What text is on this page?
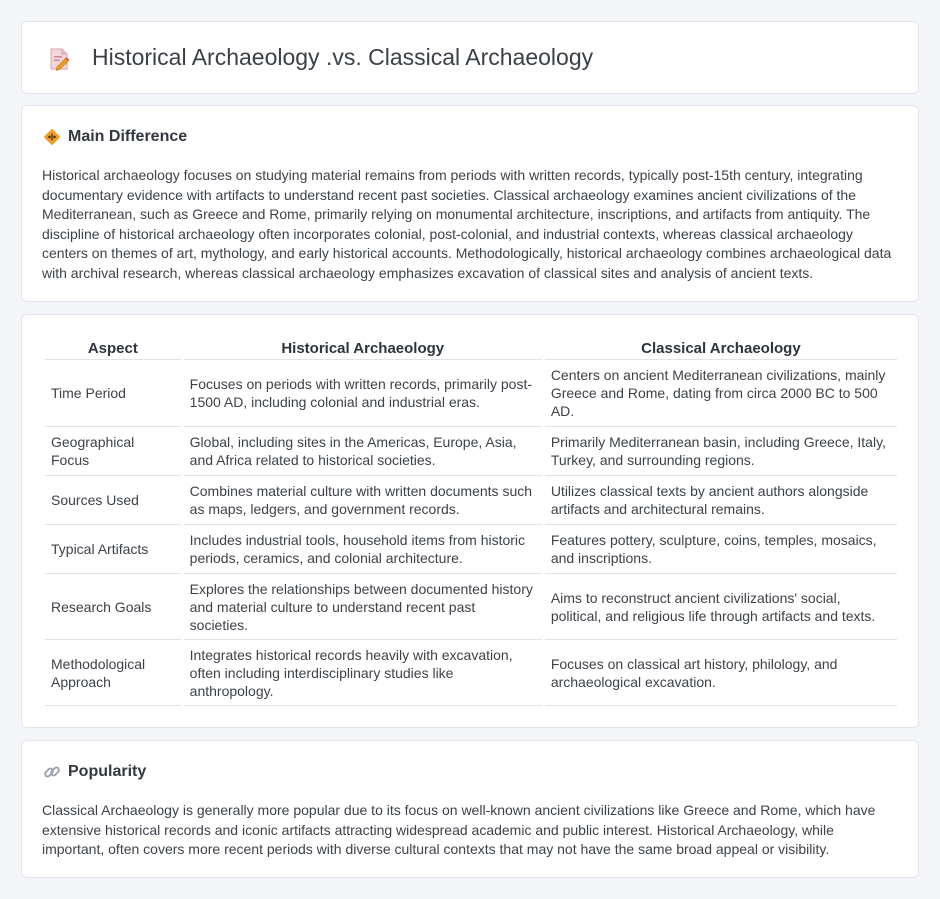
Historical Archaeology .vs. Classical Archaeology
Main Difference

Historical archaeology focuses on studying material remains from periods with written records, typically post-15th century, integrating documentary evidence with artifacts to understand recent past societies. Classical archaeology examines ancient civilizations of the Mediterranean, such as Greece and Rome, primarily relying on monumental architecture, inscriptions, and artifacts from antiquity. The discipline of historical archaeology often incorporates colonial, post-colonial, and industrial contexts, whereas classical archaeology centers on themes of art, mythology, and early historical accounts. Methodologically, historical archaeology combines archaeological data with archival research, whereas classical archaeology emphasizes excavation of classical sites and analysis of ancient texts.

Aspect	Historical Archaeology	Classical Archaeology
Time Period	Focuses on periods with written records, primarily post-1500 AD, including colonial and industrial eras.	Centers on ancient Mediterranean civilizations, mainly Greece and Rome, dating from circa 2000 BC to 500 AD.
Geographical Focus	Global, including sites in the Americas, Europe, Asia, and Africa related to historical societies.	Primarily Mediterranean basin, including Greece, Italy, Turkey, and surrounding regions.
Sources Used	Combines material culture with written documents such as maps, ledgers, and government records.	Utilizes classical texts by ancient authors alongside artifacts and architectural remains.
Typical Artifacts	Includes industrial tools, household items from historic periods, ceramics, and colonial architecture.	Features pottery, sculpture, coins, temples, mosaics, and inscriptions.
Research Goals	Explores the relationships between documented history and material culture to understand recent past societies.	Aims to reconstruct ancient civilizations' social, political, and religious life through artifacts and texts.
Methodological Approach	Integrates historical records heavily with excavation, often including interdisciplinary studies like anthropology.	Focuses on classical art history, philology, and archaeological excavation.
Popularity

Classical Archaeology is generally more popular due to its focus on well-known ancient civilizations like Greece and Rome, which have extensive historical records and iconic artifacts attracting widespread academic and public interest. Historical Archaeology, while important, often covers more recent periods with diverse cultural contexts that may not have the same broad appeal or visibility.
